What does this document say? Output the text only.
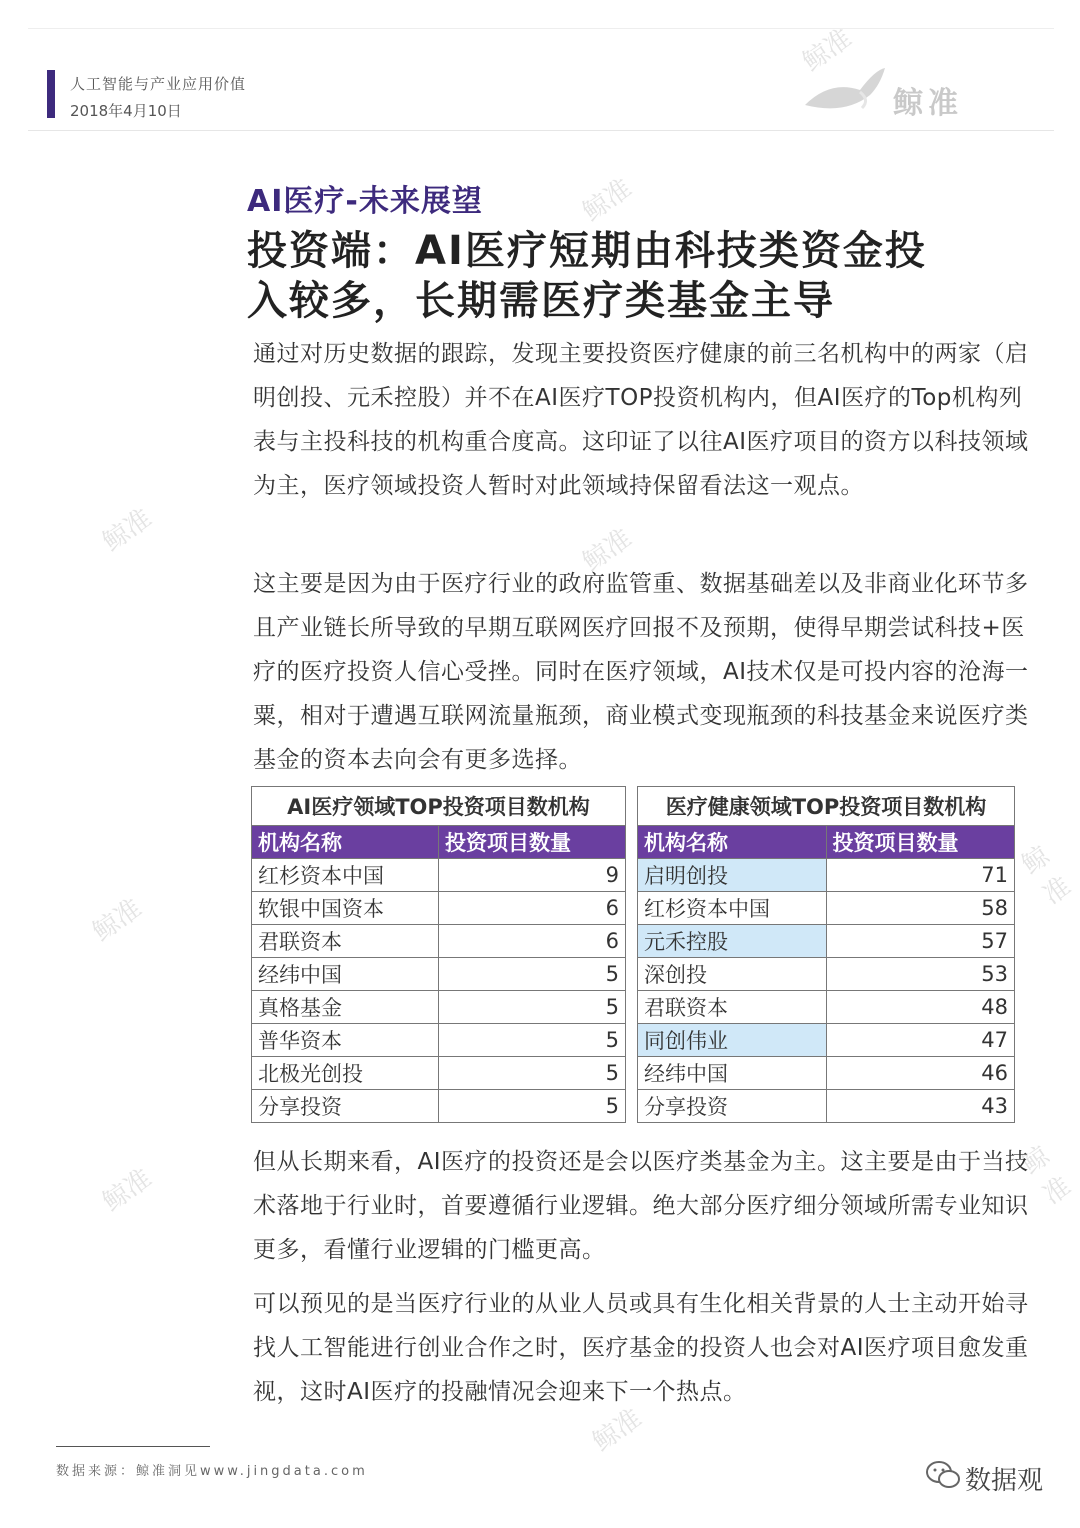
人工智能与产业应用价值
2018年4月10日	鲸准
鲸准
鲸准
鲸准	鲸准
鲸准
鲸准
鲸准
鲸准
鲸准
AI医疗-未来展望
投资端：AI医疗短期由科技类资金投
入较多，长期需医疗类基金主导
通过对历史数据的跟踪，发现主要投资医疗健康的前三名机构中的两家（启明创投、元禾控股）并不在AI医疗TOP投资机构内，但AI医疗的Top机构列表与主投科技的机构重合度高。这印证了以往AI医疗项目的资方以科技领域为主，医疗领域投资人暂时对此领域持保留看法这一观点。
这主要是因为由于医疗行业的政府监管重、数据基础差以及非商业化环节多且产业链长所导致的早期互联网医疗回报不及预期，使得早期尝试科技+医疗的医疗投资人信心受挫。同时在医疗领域，AI技术仅是可投内容的沧海一粟，相对于遭遇互联网流量瓶颈，商业模式变现瓶颈的科技基金来说医疗类基金的资本去向会有更多选择。
AI医疗领域TOP投资项目数机构	
机构名称	投资项目数量
红杉资本中国	9
软银中国资本	6
君联资本	6
经纬中国	5
真格基金	5
普华资本	5
北极光创投	5
分享投资	5
医疗健康领域TOP投资项目数机构	
机构名称	投资项目数量
启明创投	71
红杉资本中国	58
元禾控股	57
深创投	53
君联资本	48
同创伟业	47
经纬中国	46
分享投资	43
但从长期来看，AI医疗的投资还是会以医疗类基金为主。这主要是由于当技术落地于行业时，首要遵循行业逻辑。绝大部分医疗细分领域所需专业知识更多，看懂行业逻辑的门槛更高。
可以预见的是当医疗行业的从业人员或具有生化相关背景的人士主动开始寻找人工智能进行创业合作之时，医疗基金的投资人也会对AI医疗项目愈发重视，这时AI医疗的投融情况会迎来下一个热点。
数据来源：鲸准洞见www.jingdata.com	数据观
